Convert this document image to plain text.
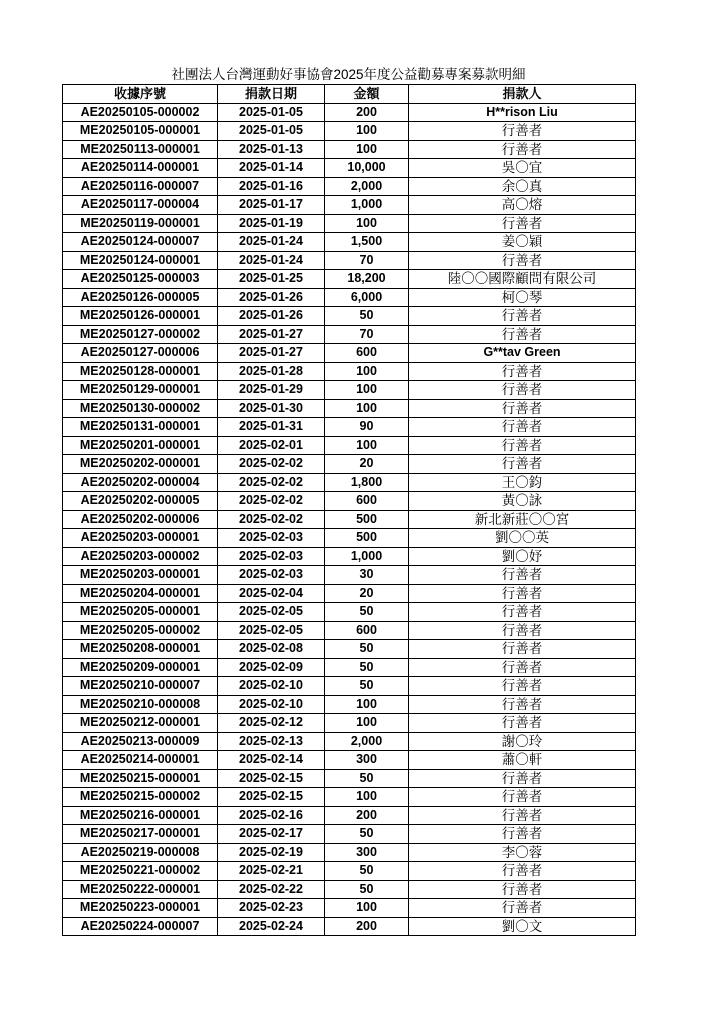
社團法人台灣運動好事協會2025年度公益勸募專案募款明細
收據序號	捐款日期	金額	捐款人
AE20250105-000002	2025-01-05	200	H**rison Liu
ME20250105-000001	2025-01-05	100	行善者
ME20250113-000001	2025-01-13	100	行善者
AE20250114-000001	2025-01-14	10,000	吳〇宜
AE20250116-000007	2025-01-16	2,000	余〇真
AE20250117-000004	2025-01-17	1,000	高〇熔
ME20250119-000001	2025-01-19	100	行善者
AE20250124-000007	2025-01-24	1,500	姜〇穎
ME20250124-000001	2025-01-24	70	行善者
AE20250125-000003	2025-01-25	18,200	陸〇〇國際顧問有限公司
AE20250126-000005	2025-01-26	6,000	柯〇琴
ME20250126-000001	2025-01-26	50	行善者
ME20250127-000002	2025-01-27	70	行善者
AE20250127-000006	2025-01-27	600	G**tav Green
ME20250128-000001	2025-01-28	100	行善者
ME20250129-000001	2025-01-29	100	行善者
ME20250130-000002	2025-01-30	100	行善者
ME20250131-000001	2025-01-31	90	行善者
ME20250201-000001	2025-02-01	100	行善者
ME20250202-000001	2025-02-02	20	行善者
AE20250202-000004	2025-02-02	1,800	王〇鈞
AE20250202-000005	2025-02-02	600	黃〇詠
AE20250202-000006	2025-02-02	500	新北新莊〇〇宮
AE20250203-000001	2025-02-03	500	劉〇〇英
AE20250203-000002	2025-02-03	1,000	劉〇妤
ME20250203-000001	2025-02-03	30	行善者
ME20250204-000001	2025-02-04	20	行善者
ME20250205-000001	2025-02-05	50	行善者
ME20250205-000002	2025-02-05	600	行善者
ME20250208-000001	2025-02-08	50	行善者
ME20250209-000001	2025-02-09	50	行善者
ME20250210-000007	2025-02-10	50	行善者
ME20250210-000008	2025-02-10	100	行善者
ME20250212-000001	2025-02-12	100	行善者
AE20250213-000009	2025-02-13	2,000	謝〇玲
AE20250214-000001	2025-02-14	300	蕭〇軒
ME20250215-000001	2025-02-15	50	行善者
ME20250215-000002	2025-02-15	100	行善者
ME20250216-000001	2025-02-16	200	行善者
ME20250217-000001	2025-02-17	50	行善者
AE20250219-000008	2025-02-19	300	李〇蓉
ME20250221-000002	2025-02-21	50	行善者
ME20250222-000001	2025-02-22	50	行善者
ME20250223-000001	2025-02-23	100	行善者
AE20250224-000007	2025-02-24	200	劉〇文
